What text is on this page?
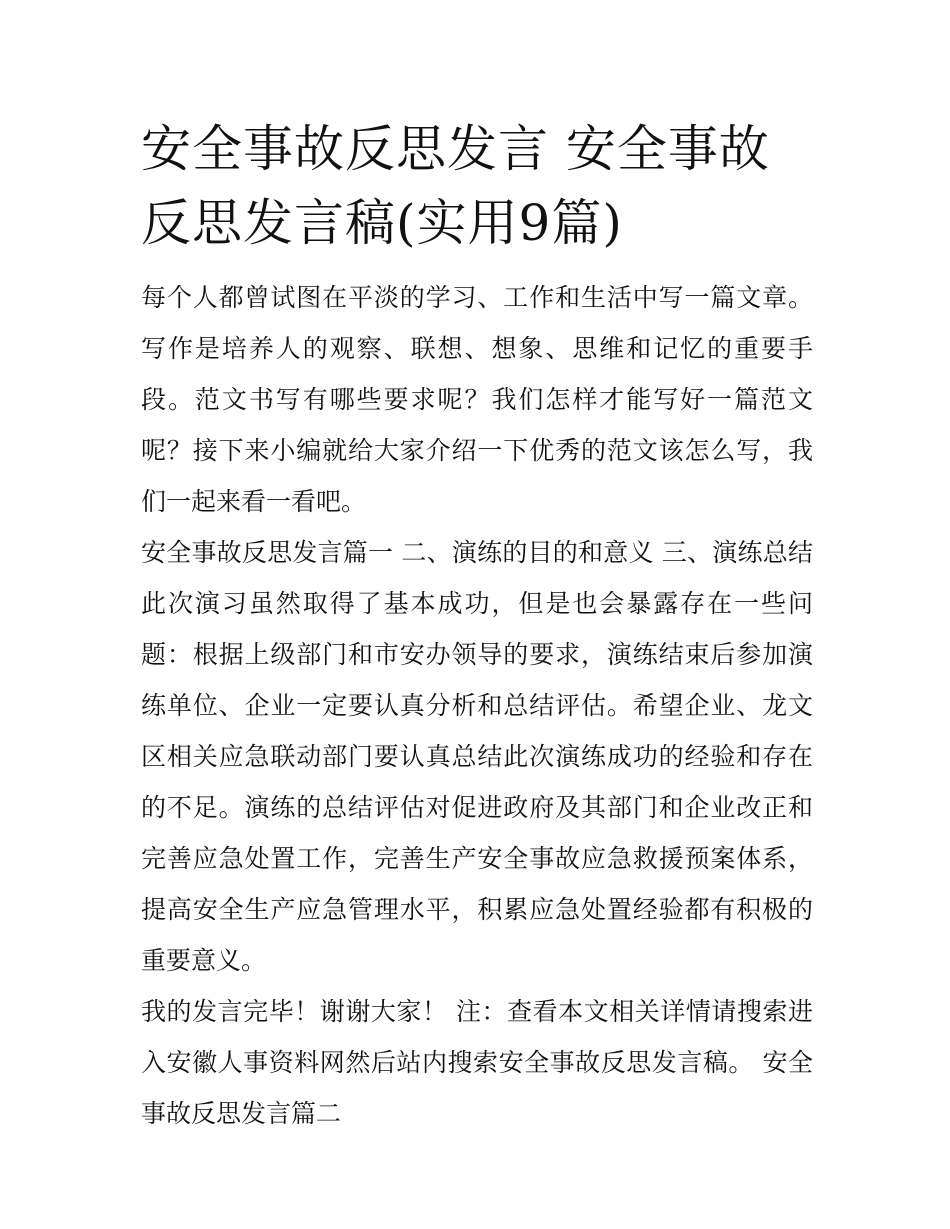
安全事故反思发言 安全事故反思发言稿(实用9篇)

每个人都曾试图在平淡的学习、工作和生活中写一篇文章。写作是培养人的观察、联想、想象、思维和记忆的重要手段。范文书写有哪些要求呢？我们怎样才能写好一篇范文呢？接下来小编就给大家介绍一下优秀的范文该怎么写，我们一起来看一看吧。

安全事故反思发言篇一 二、演练的目的和意义 三、演练总结此次演习虽然取得了基本成功，但是也会暴露存在一些问题：根据上级部门和市安办领导的要求，演练结束后参加演练单位、企业一定要认真分析和总结评估。希望企业、龙文区相关应急联动部门要认真总结此次演练成功的经验和存在的不足。演练的总结评估对促进政府及其部门和企业改正和完善应急处置工作，完善生产安全事故应急救援预案体系，提高安全生产应急管理水平，积累应急处置经验都有积极的重要意义。

我的发言完毕！谢谢大家！ 注：查看本文相关详情请搜索进入安徽人事资料网然后站内搜索安全事故反思发言稿。 安全事故反思发言篇二
